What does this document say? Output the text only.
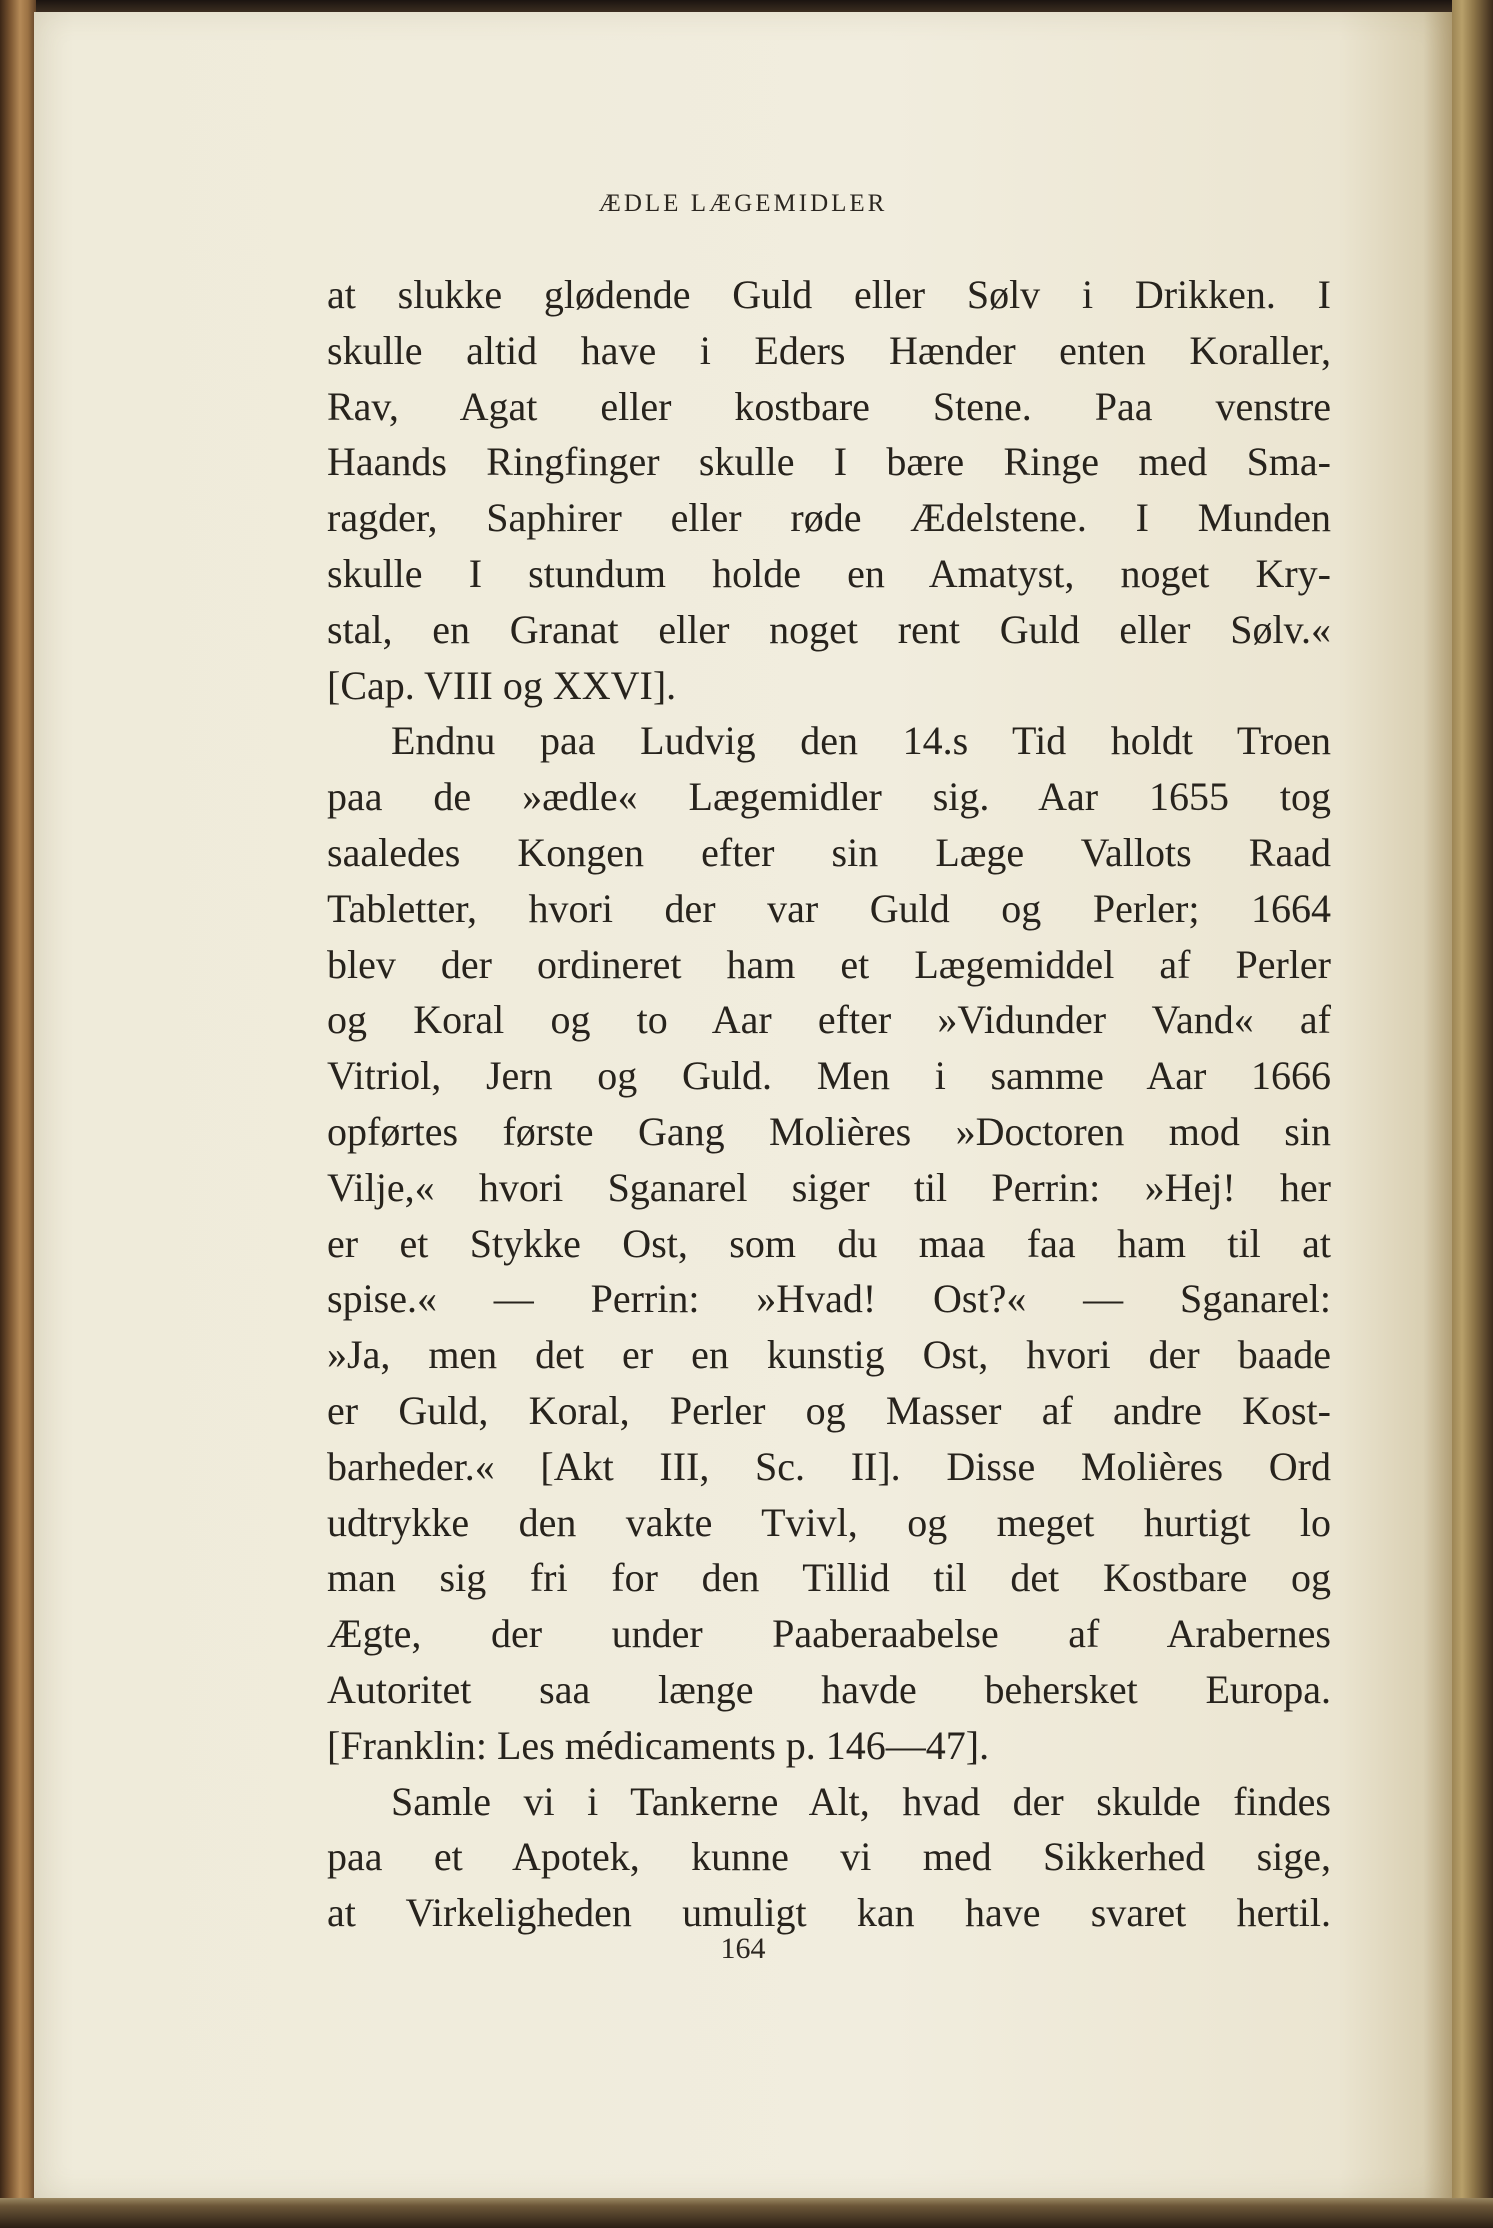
ÆDLE LÆGEMIDLER
at slukke glødende Guld eller Sølv i Drikken. I
skulle altid have i Eders Hænder enten Koraller,
Rav, Agat eller kostbare Stene. Paa venstre
Haands Ringfinger skulle I bære Ringe med Sma-
ragder, Saphirer eller røde Ædelstene. I Munden
skulle I stundum holde en Amatyst, noget Kry-
stal, en Granat eller noget rent Guld eller Sølv.«
[Cap. VIII og XXVI].
Endnu paa Ludvig den 14.s Tid holdt Troen
paa de »ædle« Lægemidler sig. Aar 1655 tog
saaledes Kongen efter sin Læge Vallots Raad
Tabletter, hvori der var Guld og Perler; 1664
blev der ordineret ham et Lægemiddel af Perler
og Koral og to Aar efter »Vidunder Vand« af
Vitriol, Jern og Guld. Men i samme Aar 1666
opførtes første Gang Molières »Doctoren mod sin
Vilje,« hvori Sganarel siger til Perrin: »Hej! her
er et Stykke Ost, som du maa faa ham til at
spise.« — Perrin: »Hvad! Ost?« — Sganarel:
»Ja, men det er en kunstig Ost, hvori der baade
er Guld, Koral, Perler og Masser af andre Kost-
barheder.« [Akt III, Sc. II]. Disse Molières Ord
udtrykke den vakte Tvivl, og meget hurtigt lo
man sig fri for den Tillid til det Kostbare og
Ægte, der under Paaberaabelse af Arabernes
Autoritet saa længe havde behersket Europa.
[Franklin: Les médicaments p. 146—47].
Samle vi i Tankerne Alt, hvad der skulde findes
paa et Apotek, kunne vi med Sikkerhed sige,
at Virkeligheden umuligt kan have svaret hertil.
164
